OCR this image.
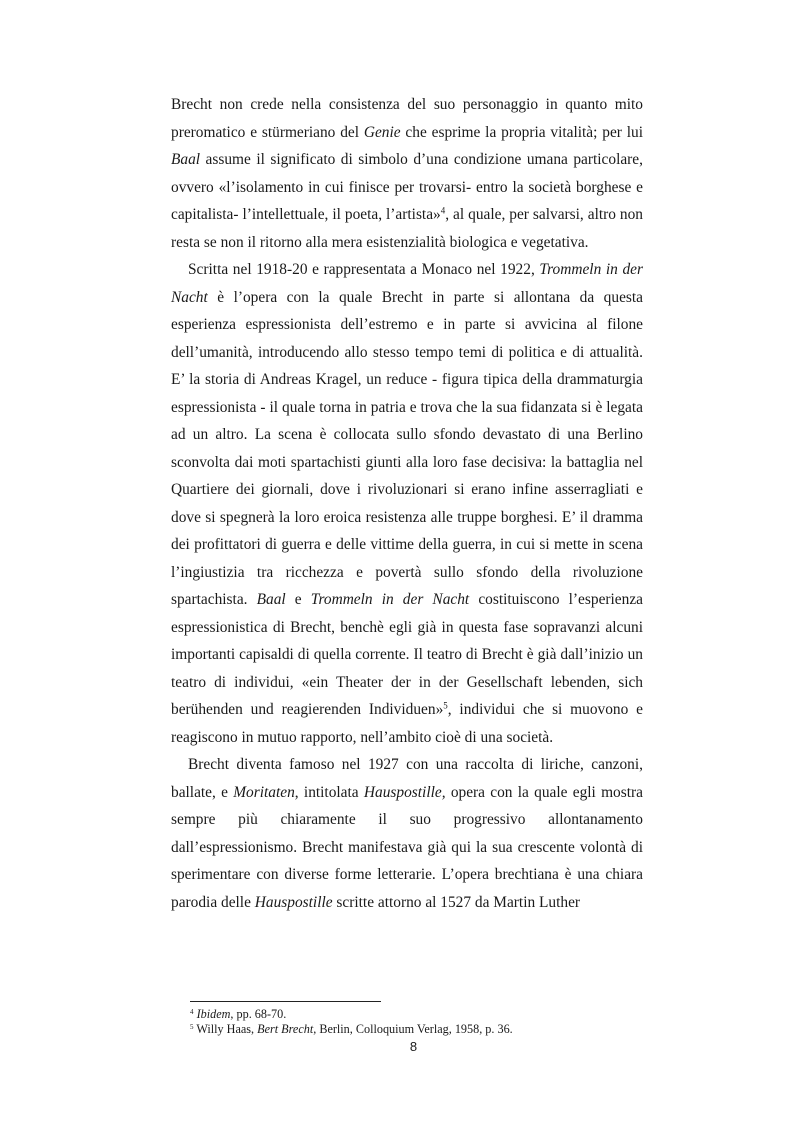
Brecht non crede nella consistenza del suo personaggio in quanto mito preromatico e stürmeriano del Genie che esprime la propria vitalità; per lui Baal assume il significato di simbolo d’una condizione umana particolare, ovvero «l’isolamento in cui finisce per trovarsi- entro la società borghese e capitalista- l’intellettuale, il poeta, l’artista»$^4$, al quale, per salvarsi, altro non resta se non il ritorno alla mera esistenzialità biologica e vegetativa.

Scritta nel 1918-20 e rappresentata a Monaco nel 1922, Trommeln in der Nacht è l’opera con la quale Brecht in parte si allontana da questa esperienza espressionista dell’estremo e in parte si avvicina al filone dell’umanità, introducendo allo stesso tempo temi di politica e di attualità. E’ la storia di Andreas Kragel, un reduce - figura tipica della drammaturgia espressionista - il quale torna in patria e trova che la sua fidanzata si è legata ad un altro. La scena è collocata sullo sfondo devastato di una Berlino sconvolta dai moti spartachisti giunti alla loro fase decisiva: la battaglia nel Quartiere dei giornali, dove i rivoluzionari si erano infine asserragliati e dove si spegnerà la loro eroica resistenza alle truppe borghesi. E’ il dramma dei profittatori di guerra e delle vittime della guerra, in cui si mette in scena l’ingiustizia tra ricchezza e povertà sullo sfondo della rivoluzione spartachista. Baal e Trommeln in der Nacht costituiscono l’esperienza espressionistica di Brecht, benchè egli già in questa fase sopravanzi alcuni importanti capisaldi di quella corrente. Il teatro di Brecht è già dall’inizio un teatro di individui, «ein Theater der in der Gesellschaft lebenden, sich berühenden und reagierenden Individuen»$^5$, individui che si muovono e reagiscono in mutuo rapporto, nell’ambito cioè di una società.

Brecht diventa famoso nel 1927 con una raccolta di liriche, canzoni, ballate, e Moritaten, intitolata Hauspostille, opera con la quale egli mostra sempre più chiaramente il suo progressivo allontanamento dall’espressionismo. Brecht manifestava già qui la sua crescente volontà di sperimentare con diverse forme letterarie. L’opera brechtiana è una chiara parodia delle Hauspostille scritte attorno al 1527 da Martin Luther

$^4$ Ibidem, pp. 68-70.

$^5$ Willy Haas, Bert Brecht, Berlin, Colloquium Verlag, 1958, p. 36.

8
